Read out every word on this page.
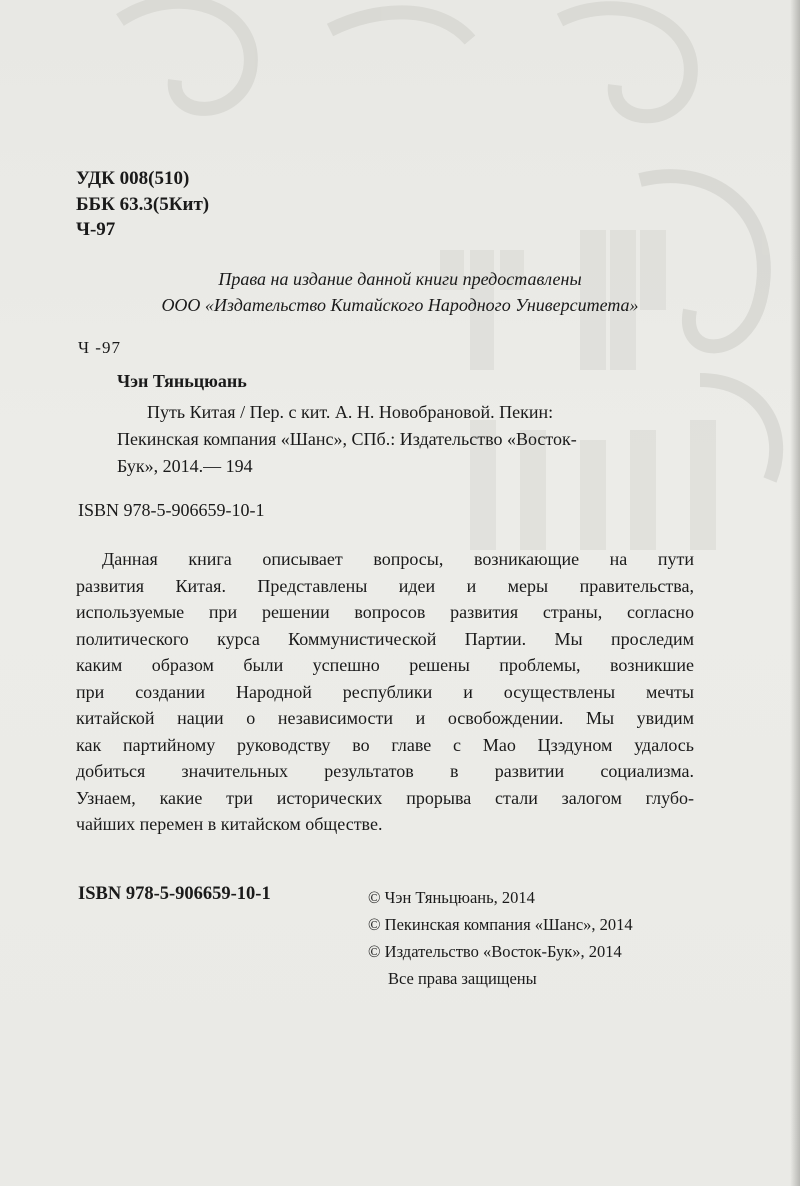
УДК 008(510)
ББК 63.3(5Кит)
Ч-97
Права на издание данной книги предоставлены
ООО «Издательство Китайского Народного Университета»
Ч -97
Чэн Тяньцюань
Путь Китая / Пер. с кит. А. Н. Новобрановой. Пекин:
Пекинская компания «Шанс», СПб.: Издательство «Восток-
Бук», 2014.— 194
ISBN 978-5-906659-10-1
Данная книга описывает вопросы, возникающие на пути
развития Китая. Представлены идеи и меры правительства,
используемые при решении вопросов развития страны, согласно
политического курса Коммунистической Партии. Мы проследим
каким образом были успешно решены проблемы, возникшие
при создании Народной республики и осуществлены мечты
китайской нации о независимости и освобождении. Мы увидим
как партийному руководству во главе с Мао Цзэдуном удалось
добиться значительных результатов в развитии социализма.
Узнаем, какие три исторических прорыва стали залогом глубо-
чайших перемен в китайском обществе.
ISBN 978-5-906659-10-1	© Чэн Тяньцюань, 2014
© Пекинская компания «Шанс», 2014
© Издательство «Восток-Бук», 2014
Все права защищены
